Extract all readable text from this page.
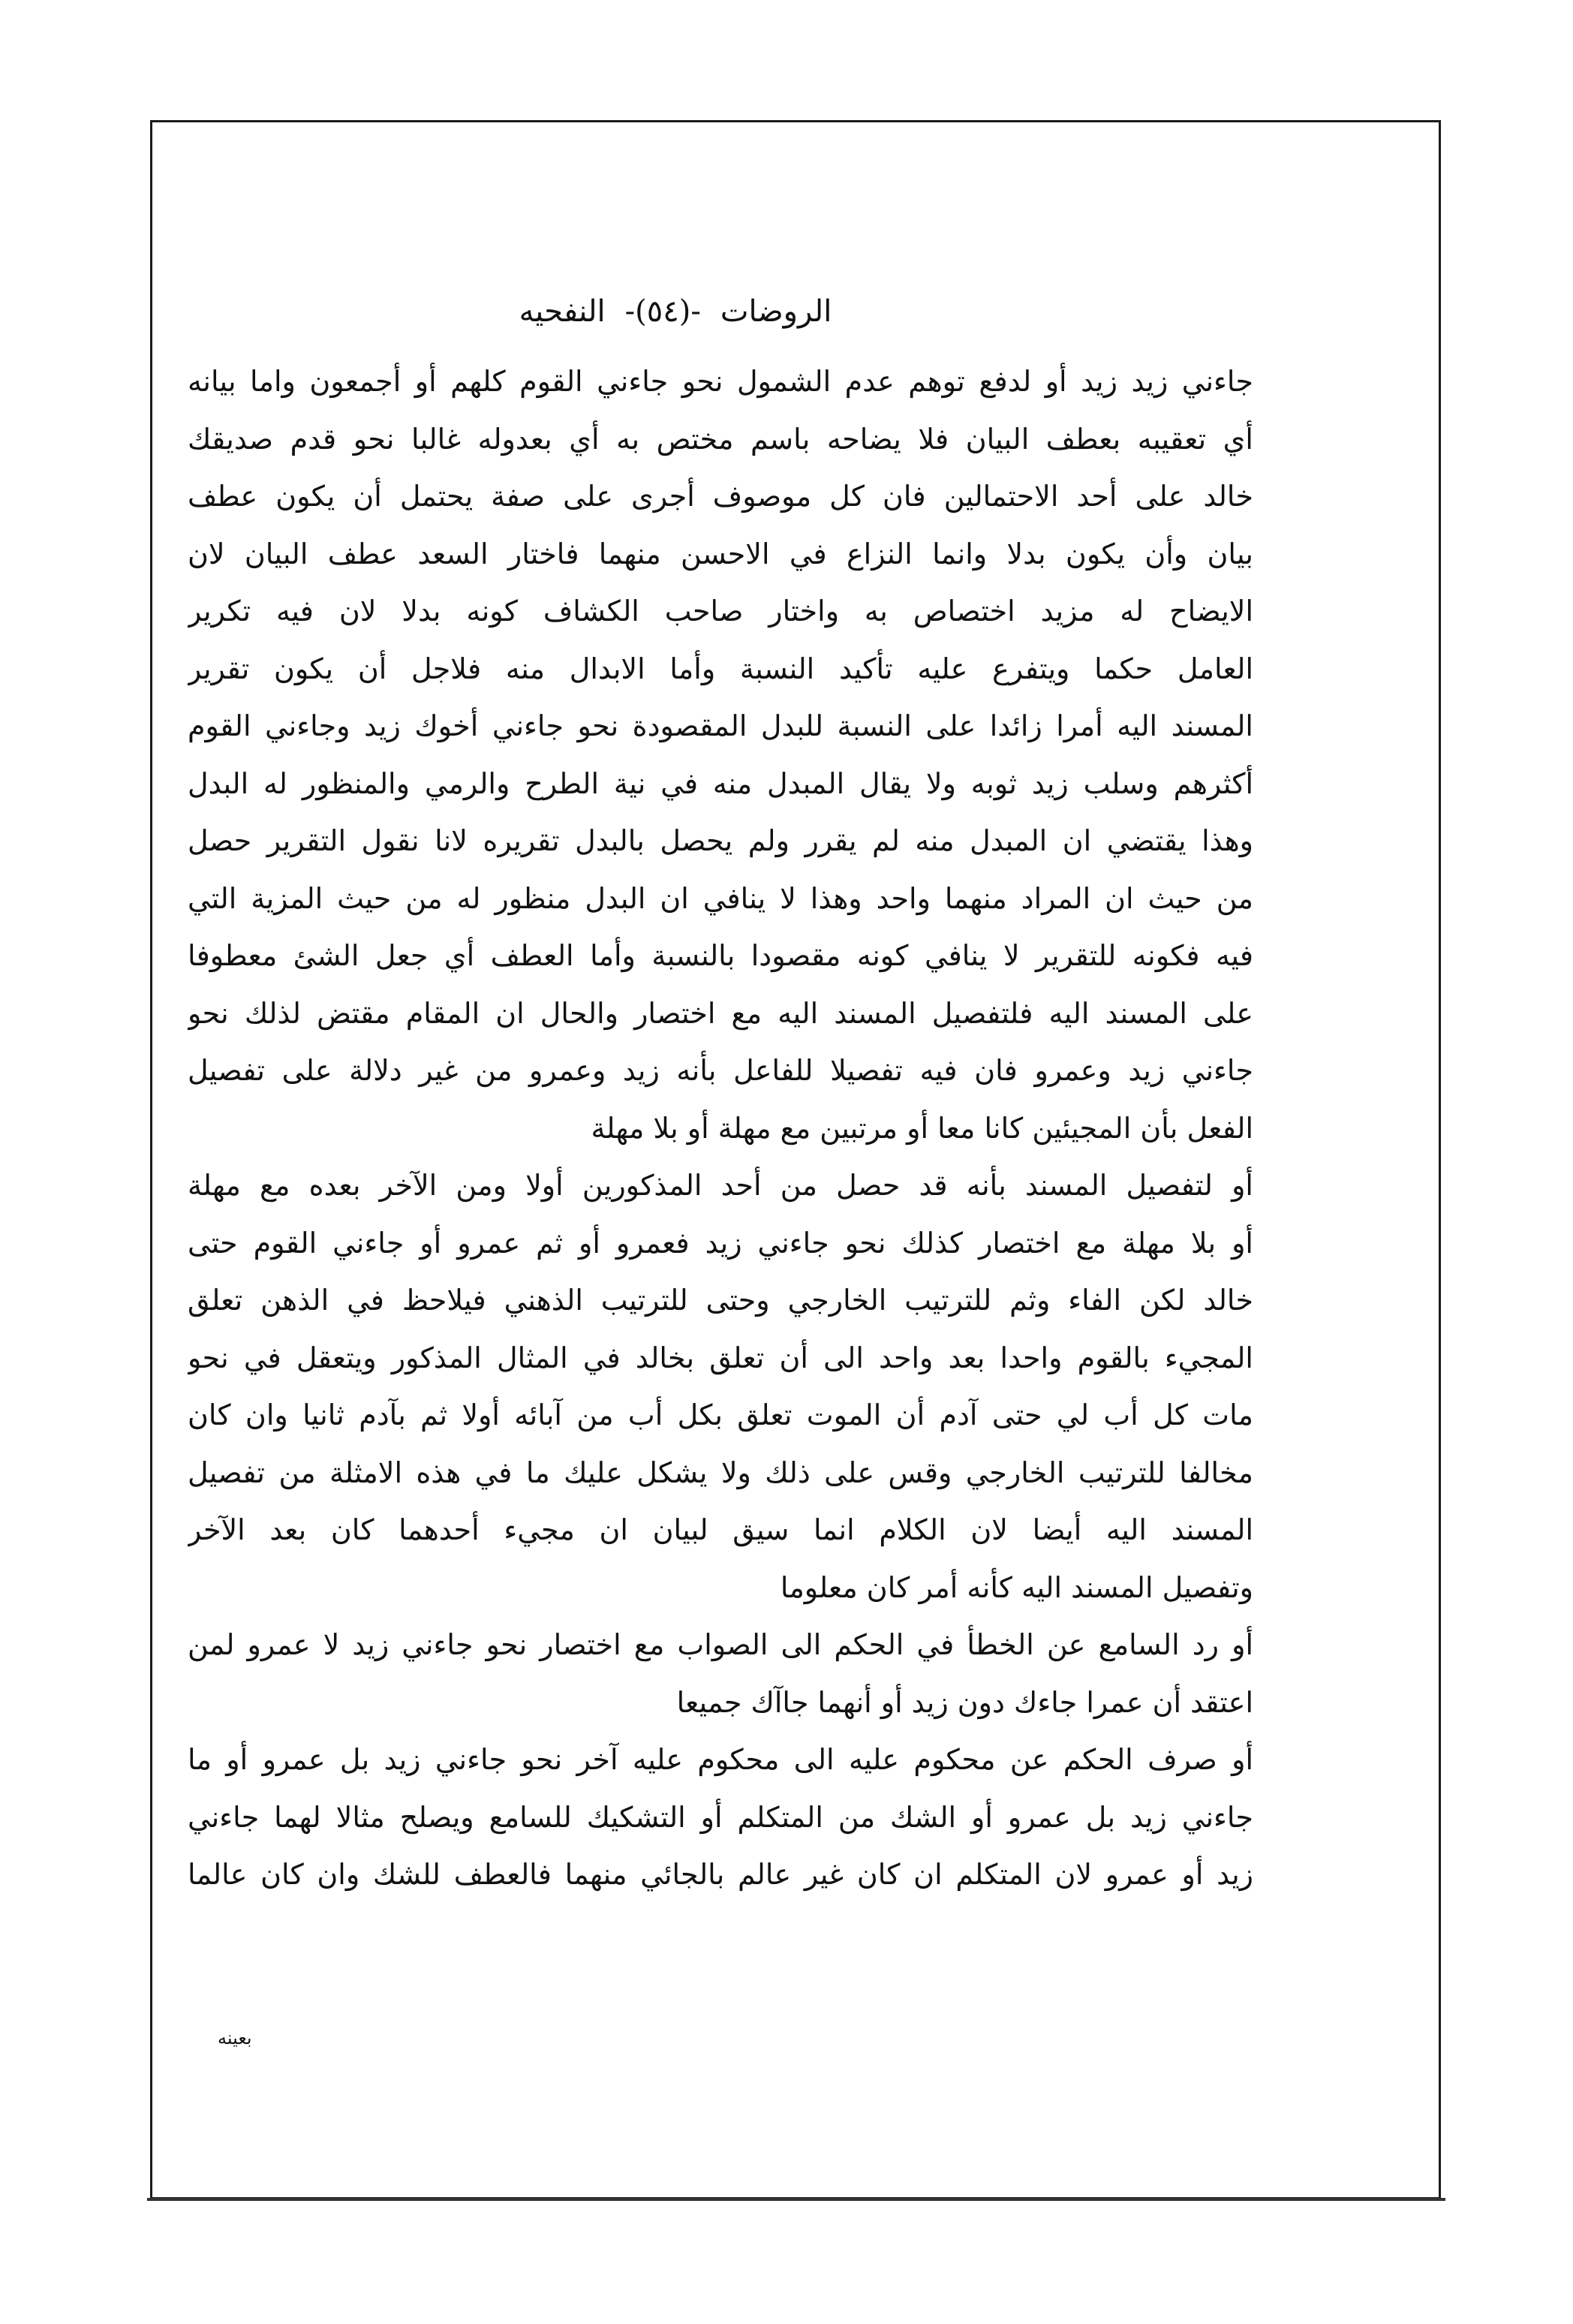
الروضات
-(٥٤)-
النفحيه
جاءني زيد زيد أو لدفع توهم عدم الشمول نحو جاءني القوم كلهم أو أجمعون واما بيانه
أي تعقيبه بعطف البيان فلا يضاحه باسم مختص به أي بعدوله غالبا نحو قدم صديقك
خالد على أحد الاحتمالين فان كل موصوف أجرى على صفة يحتمل أن يكون عطف
بيان وأن يكون بدلا وانما النزاع في الاحسن منهما فاختار السعد عطف البيان لان
الايضاح له مزيد اختصاص به واختار صاحب الكشاف كونه بدلا لان فيه تكرير
العامل حكما ويتفرع عليه تأكيد النسبة وأما الابدال منه فلاجل أن يكون تقرير
المسند اليه أمرا زائدا على النسبة للبدل المقصودة نحو جاءني أخوك زيد وجاءني القوم
أكثرهم وسلب زيد ثوبه ولا يقال المبدل منه في نية الطرح والرمي والمنظور له البدل
وهذا يقتضي ان المبدل منه لم يقرر ولم يحصل بالبدل تقريره لانا نقول التقرير حصل
من حيث ان المراد منهما واحد وهذا لا ينافي ان البدل منظور له من حيث المزية التي
فيه فكونه للتقرير لا ينافي كونه مقصودا بالنسبة وأما العطف أي جعل الشئ معطوفا
على المسند اليه فلتفصيل المسند اليه مع اختصار والحال ان المقام مقتض لذلك نحو
جاءني زيد وعمرو فان فيه تفصيلا للفاعل بأنه زيد وعمرو من غير دلالة على تفصيل
الفعل بأن المجيئين كانا معا أو مرتبين مع مهلة أو بلا مهلة
أو لتفصيل المسند بأنه قد حصل من أحد المذكورين أولا ومن الآخر بعده مع مهلة
أو بلا مهلة مع اختصار كذلك نحو جاءني زيد فعمرو أو ثم عمرو أو جاءني القوم حتى
خالد لكن الفاء وثم للترتيب الخارجي وحتى للترتيب الذهني فيلاحظ في الذهن تعلق
المجيء بالقوم واحدا بعد واحد الى أن تعلق بخالد في المثال المذكور ويتعقل في نحو
مات كل أب لي حتى آدم أن الموت تعلق بكل أب من آبائه أولا ثم بآدم ثانيا وان كان
مخالفا للترتيب الخارجي وقس على ذلك ولا يشكل عليك ما في هذه الامثلة من تفصيل
المسند اليه أيضا لان الكلام انما سيق لبيان ان مجيء أحدهما كان بعد الآخر
وتفصيل المسند اليه كأنه أمر كان معلوما
أو رد السامع عن الخطأ في الحكم الى الصواب مع اختصار نحو جاءني زيد لا عمرو لمن
اعتقد أن عمرا جاءك دون زيد أو أنهما جاآك جميعا
أو صرف الحكم عن محكوم عليه الى محكوم عليه آخر نحو جاءني زيد بل عمرو أو ما
جاءني زيد بل عمرو أو الشك من المتكلم أو التشكيك للسامع ويصلح مثالا لهما جاءني
زيد أو عمرو لان المتكلم ان كان غير عالم بالجائي منهما فالعطف للشك وان كان عالما
بعينه
